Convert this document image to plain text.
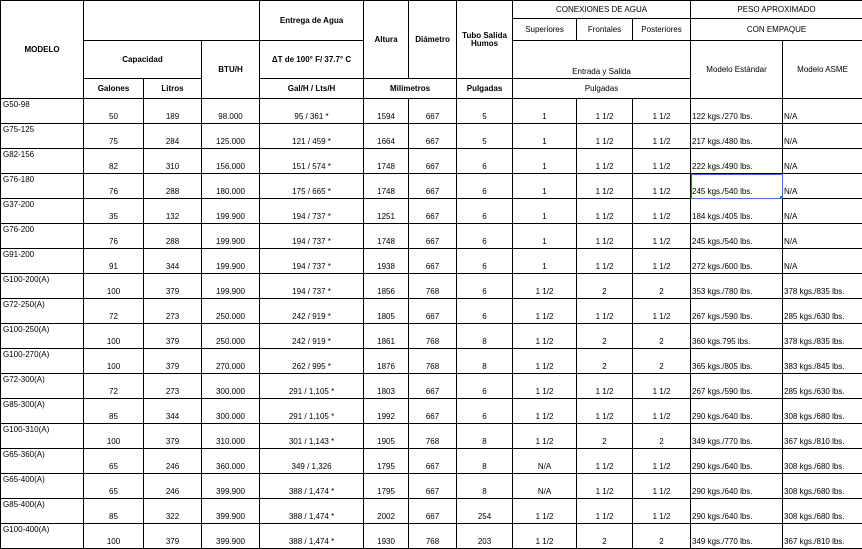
MODELO				Entrega de Agua	Altura	Diámetro	Tubo Salida Humos	CONEXIONES DE AGUA			PESO APROXIMADO	
								Superiores	Frontales	Posteriores	CON EMPAQUE	
	Capacidad		BTU/H	ΔT de 100° F/ 37.7° C				Entrada y Salida			Modelo Estándar	Modelo ASME
	Galones	Litros		Gal/H / Lts/H	Milímetros		Pulgadas	Pulgadas				
G50-98	50	189	98.000	95 / 361 *	1594	667	5	1	1 1/2	1 1/2	122 kgs./270 lbs.	N/A
G75-125	75	284	125.000	121 / 459 *	1664	667	5	1	1 1/2	1 1/2	217 kgs./480 lbs.	N/A
G82-156	82	310	156.000	151 / 574 *	1748	667	6	1	1 1/2	1 1/2	222 kgs./490 lbs.	N/A
G76-180	76	288	180.000	175 / 665 *	1748	667	6	1	1 1/2	1 1/2	245 kgs./540 lbs.	N/A
G37-200	35	132	199.900	194 / 737 *	1251	667	6	1	1 1/2	1 1/2	184 kgs./405 lbs.	N/A
G76-200	76	288	199.900	194 / 737 *	1748	667	6	1	1 1/2	1 1/2	245 kgs./540 lbs.	N/A
G91-200	91	344	199.900	194 / 737 *	1938	667	6	1	1 1/2	1 1/2	272 kgs./600 lbs.	N/A
G100-200(A)	100	379	199.900	194 / 737 *	1856	768	6	1 1/2	2	2	353 kgs./780 lbs.	378 kgs./835 lbs.
G72-250(A)	72	273	250.000	242 / 919 *	1805	667	6	1 1/2	1 1/2	1 1/2	267 kgs./590 lbs.	285 kgs./630 lbs.
G100-250(A)	100	379	250.000	242 / 919 *	1861	768	8	1 1/2	2	2	360 kgs.795 lbs.	378 kgs./835 lbs.
G100-270(A)	100	379	270.000	262 / 995 *	1876	768	8	1 1/2	2	2	365 kgs./805 lbs.	383 kgs./845 lbs.
G72-300(A)	72	273	300.000	291 / 1,105 *	1803	667	6	1 1/2	1 1/2	1 1/2	267 kgs./590 lbs.	285 kgs./630 lbs.
G85-300(A)	85	344	300.000	291 / 1,105 *	1992	667	6	1 1/2	1 1/2	1 1/2	290 kgs./640 lbs.	308 kgs./680 lbs.
G100-310(A)	100	379	310.000	301 / 1,143 *	1905	768	8	1 1/2	2	2	349 kgs./770 lbs.	367 kgs./810 lbs.
G65-360(A)	65	246	360.000	349 / 1,326	1795	667	8	N/A	1 1/2	1 1/2	290 kgs./640 lbs.	308 kgs./680 lbs.
G65-400(A)	65	246	399.900	388 / 1,474 *	1795	667	8	N/A	1 1/2	1 1/2	290 kgs./640 lbs.	308 kgs./680 lbs.
G85-400(A)	85	322	399.900	388 / 1,474 *	2002	667	254	1 1/2	1 1/2	1 1/2	290 kgs./640 lbs.	308 kgs./680 lbs.
G100-400(A)	100	379	399.900	388 / 1,474 *	1930	768	203	1 1/2	2	2	349 kgs./770 lbs.	367 kgs./810 lbs.
